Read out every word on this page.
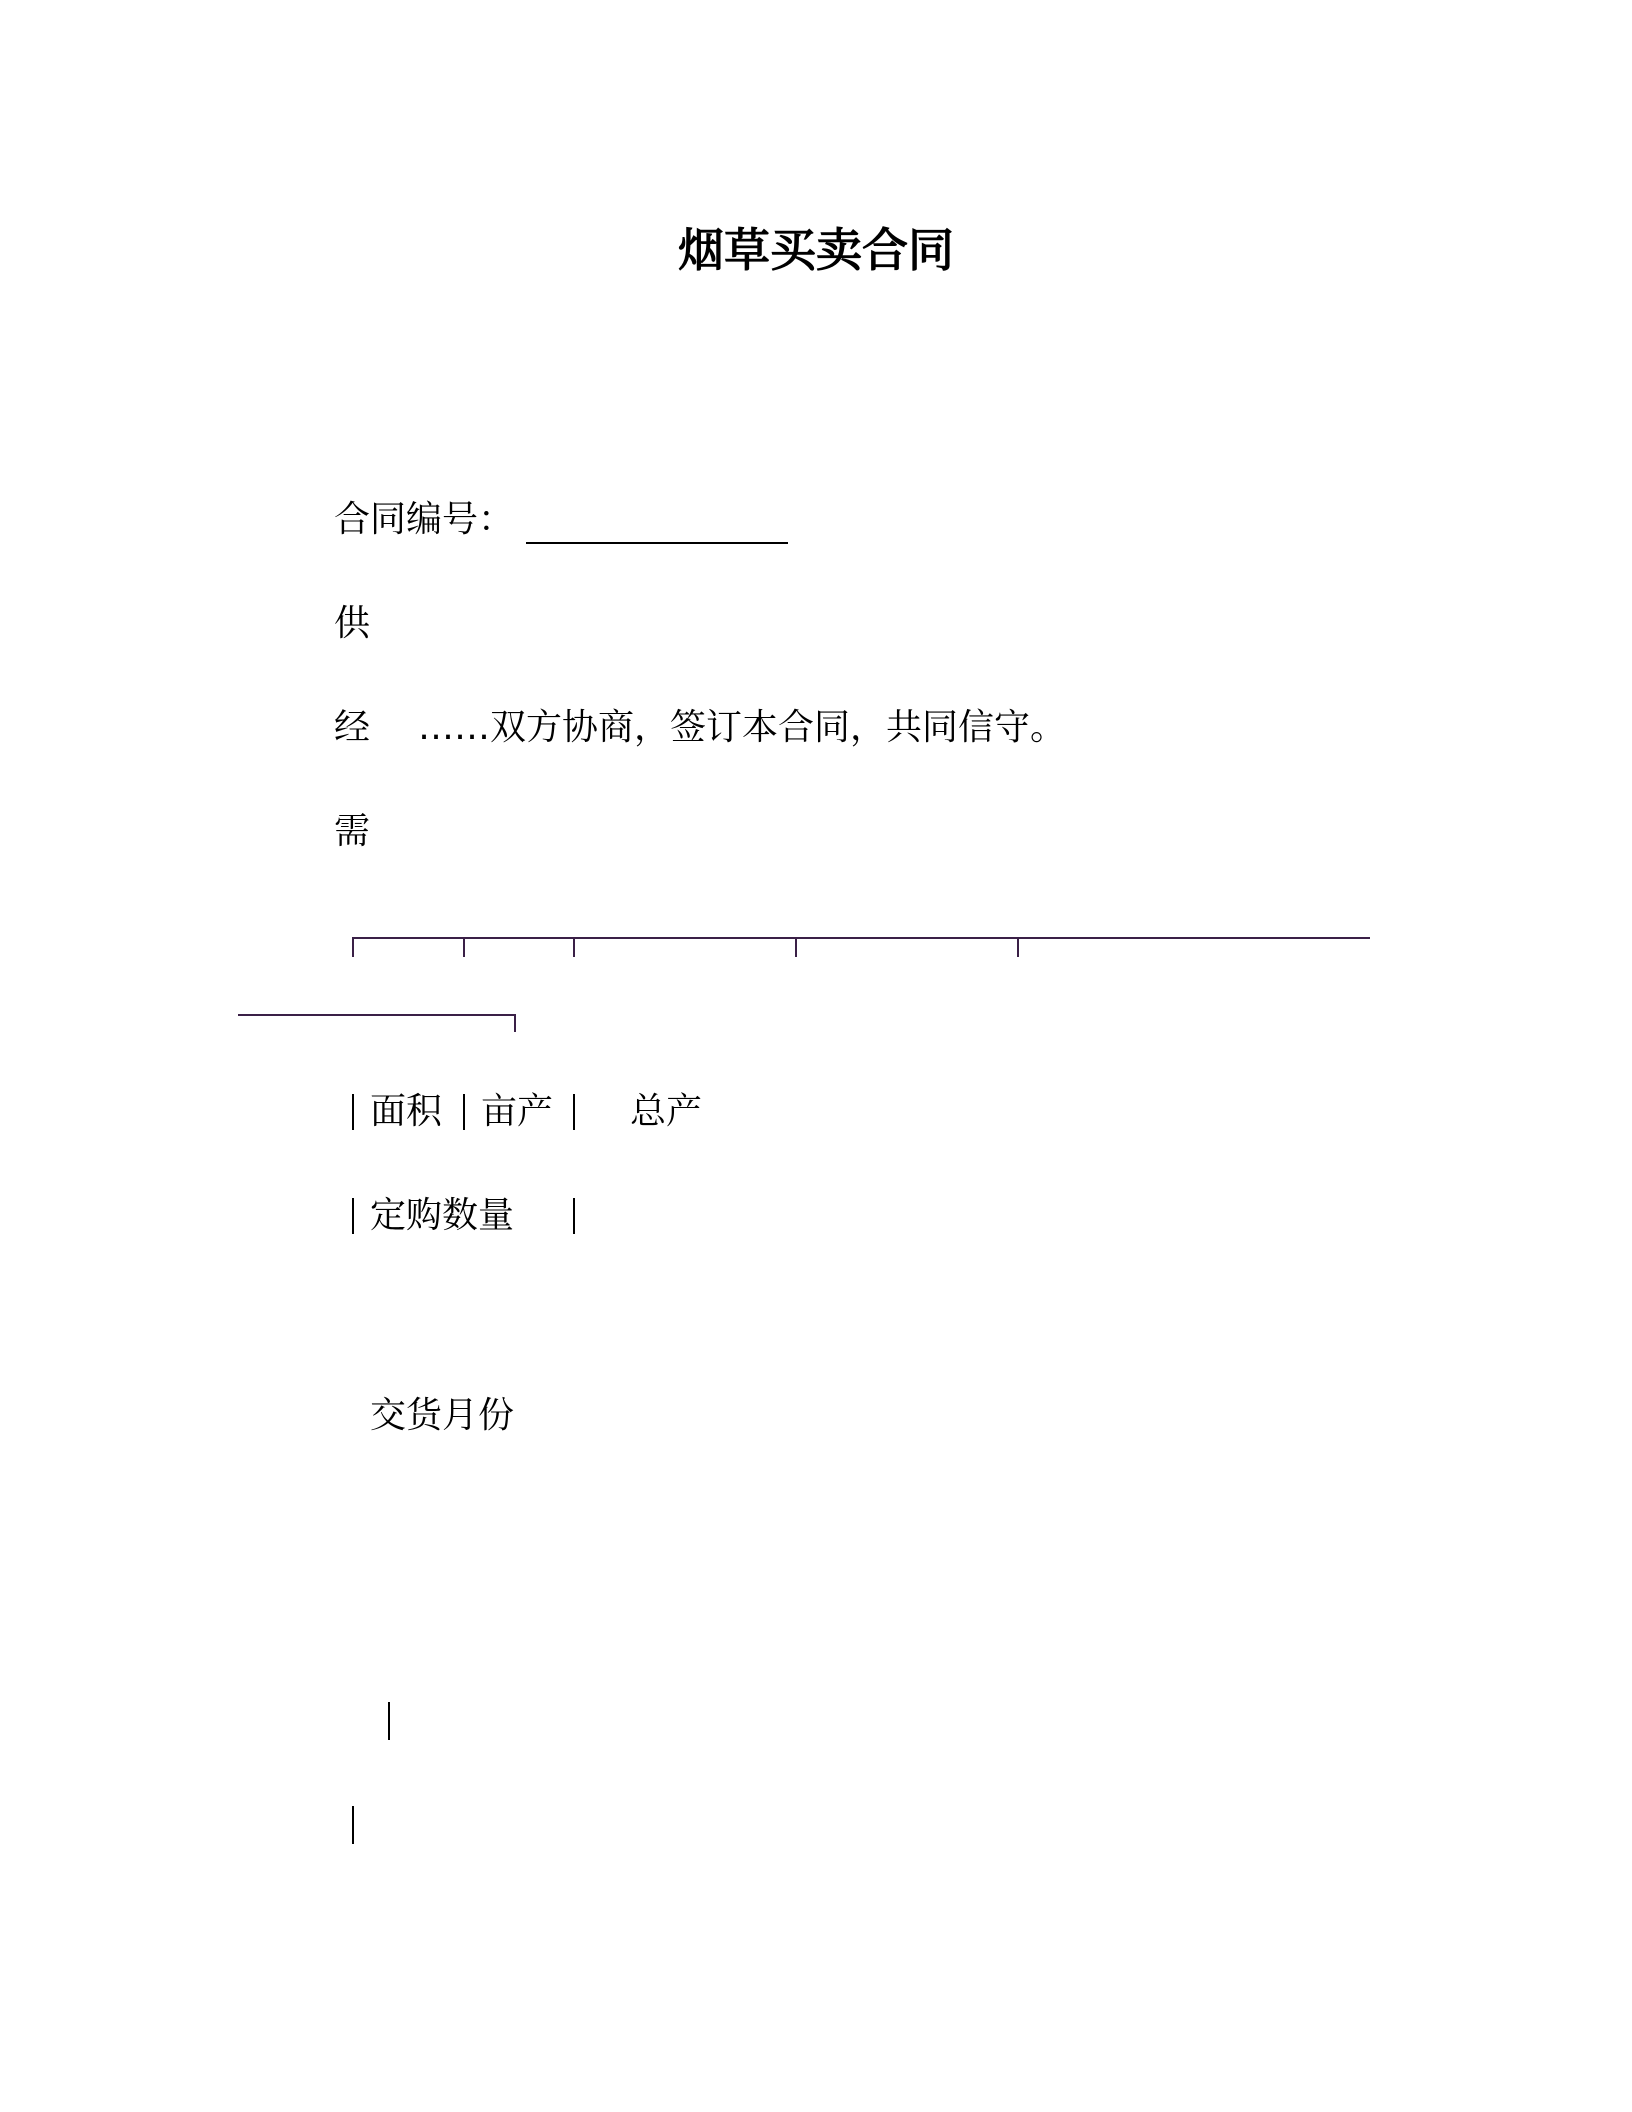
烟草买卖合同
合同编号：
供
经 ……双方协商，签订本合同，共同信守。
需
面积 亩产 总产
定购数量
交货月份
